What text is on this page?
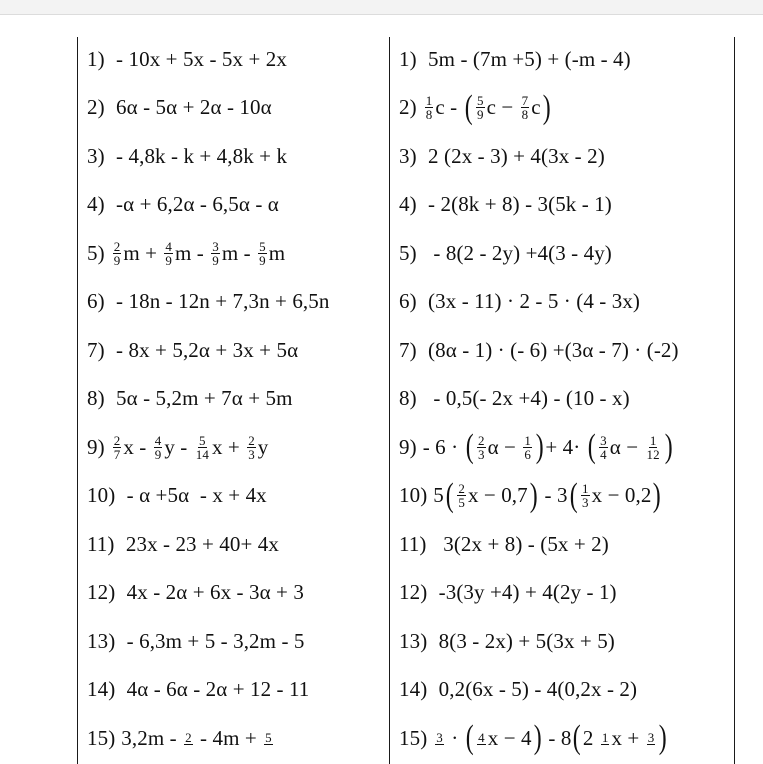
1) - 10x + 5x - 5x + 2x
2) 6α - 5α + 2α - 10α
3) - 4,8k - k + 4,8k + k
4) -α + 6,2α - 6,5α - α
$5) \frac{2}{9}$ $m + \frac{4}{9}$ m - $\frac{3}{9}$ m - $\frac{5}{9}$ m
6) - 18n - 12n + 7,3n + 6,5n
7) - 8x + 5,2α + 3x + 5α
8) 5α - 5,2m + 7α + 5m
$9) \frac{2}{7}$ x - $\frac{4}{9}$ y - $\frac{5}{14}$ $x + \frac{2}{3}$ y
10) - α +5α  - x + 4x
11) 23x - 23 + 40+ 4x
12) 4x - 2α + 6x - 3α + 3
13) - 6,3m + 5 - 3,2m - 5
14) 4α - 6α - 2α + 12 - 11
15) 3,2m - 2 - 4m + 5
1) 5m - (7m +5) + (-m - 4)
$2) \frac{1}{8}$ c - ( $\frac{5}{9}$ $c - \frac{7}{8}$ c )
3) 2 (2x - 3) + 4(3x - 2)
4) - 2(8k + 8) - 3(5k - 1)
5) - 8(2 - 2y) +4(3 - 4y)
6) (3x - 11) · 2 - 5 · (4 - 3x)
7) (8α - 1) · (- 6) +(3α - 7) · (-2)
8) - 0,5(- 2x +4) - (10 - x)
9) - 6 · ( $\frac{2}{3}$ $\alpha - \frac{1}{6}$ ) + 4· ( $\frac{3}{4}$ $\alpha - \frac{1}{12}$ )
10) 5 ( $\frac{2}{5}$ x − 0,7 ) - 3 ( $\frac{1}{3}$ x − 0,2 )
11) 3(2x + 8) - (5x + 2)
12) -3(3y +4) + 4(2y - 1)
13) 8(3 - 2x) + 5(3x + 5)
14) 0,2(6x - 5) - 4(0,2x - 2)
15) 3 · ( 4 x − 4 ) - 8 ( 2 1 x + 3 )
